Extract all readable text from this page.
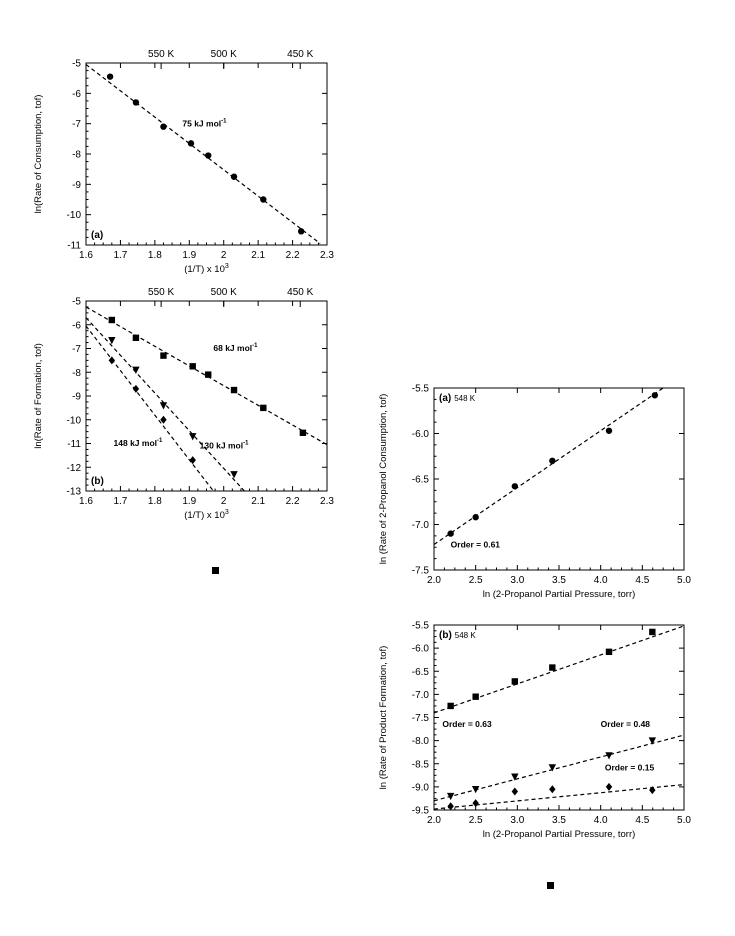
1.6 1.7 1.8 1.9 2 2.1 2.2 2.3
-5
-6
-7
-8
-9
-10
-11
550 K	500 K	450 K
(1/T) x $10^3$
ln(Rate of Consumption, tof)	75 kJ mol$^{-1}$
(a)
1.6 1.7 1.8 1.9 2 2.1 2.2 2.3
-5
-6
-7
-8
-9
-10
-11
-12
-13
550 K	500 K	450 K
(1/T) x $10^3$
ln(Rate of Formation, tof)	68 kJ mol$^{-1}$
148 kJ mol$^{-1}$	130 kJ mol$^{-1}$
(b)
2.0	2.5	3.0	3.5	4.0	4.5	5.0
-5.5
-6.0
-6.5
-7.0
-7.5
ln (2-Propanol Partial Pressure, torr)
ln (Rate of 2-Propanol Consumption, tof)	Order = 0.61
(a) 548 K
2.0	2.5	3.0	3.5	4.0	4.5	5.0
-5.5
-6.0
-6.5
-7.0
-7.5
-8.0
-8.5
-9.0
-9.5
ln (2-Propanol Partial Pressure, torr)
ln (Rate of Product Formation, tof)	Order = 0.63	Order = 0.48
Order = 0.15
(b) 548 K
